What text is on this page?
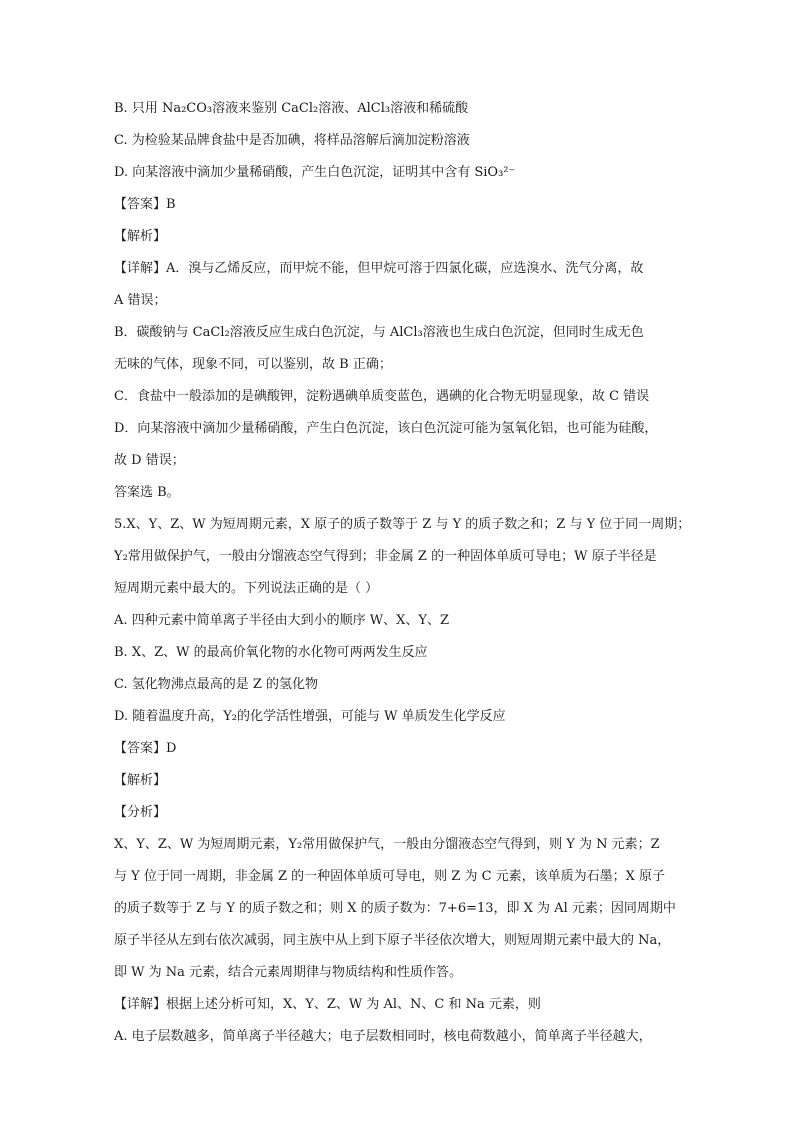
B. 只用 Na₂CO₃溶液来鉴别 CaCl₂溶液、AlCl₃溶液和稀硫酸

C. 为检验某品牌食盐中是否加碘，将样品溶解后滴加淀粉溶液

D. 向某溶液中滴加少量稀硝酸，产生白色沉淀，证明其中含有 SiO₃²⁻

【答案】B

【解析】

【详解】A．溴与乙烯反应，而甲烷不能，但甲烷可溶于四氯化碳，应选溴水、洗气分离，故

A 错误；

B．碳酸钠与 CaCl₂溶液反应生成白色沉淀，与 AlCl₃溶液也生成白色沉淀，但同时生成无色

无味的气体，现象不同，可以鉴别，故 B 正确；

C．食盐中一般添加的是碘酸钾，淀粉遇碘单质变蓝色，遇碘的化合物无明显现象，故 C 错误

D．向某溶液中滴加少量稀硝酸，产生白色沉淀，该白色沉淀可能为氢氧化铝，也可能为硅酸，

故 D 错误；

答案选 B。

5.X、Y、Z、W 为短周期元素，X 原子的质子数等于 Z 与 Y 的质子数之和；Z 与 Y 位于同一周期；

Y₂常用做保护气，一般由分馏液态空气得到；非金属 Z 的一种固体单质可导电；W 原子半径是

短周期元素中最大的。下列说法正确的是（ ）

A. 四种元素中简单离子半径由大到小的顺序 W、X、Y、Z

B. X、Z、W 的最高价氧化物的水化物可两两发生反应

C. 氢化物沸点最高的是 Z 的氢化物

D. 随着温度升高，Y₂的化学活性增强，可能与 W 单质发生化学反应

【答案】D

【解析】

【分析】

X、Y、Z、W 为短周期元素，Y₂常用做保护气，一般由分馏液态空气得到，则 Y 为 N 元素；Z

与 Y 位于同一周期，非金属 Z 的一种固体单质可导电，则 Z 为 C 元素，该单质为石墨；X 原子

的质子数等于 Z 与 Y 的质子数之和；则 X 的质子数为：7+6=13，即 X 为 Al 元素；因同周期中

原子半径从左到右依次减弱，同主族中从上到下原子半径依次增大，则短周期元素中最大的 Na，

即 W 为 Na 元素，结合元素周期律与物质结构和性质作答。

【详解】根据上述分析可知，X、Y、Z、W 为 Al、N、C 和 Na 元素，则

A. 电子层数越多，简单离子半径越大；电子层数相同时，核电荷数越小，简单离子半径越大，
